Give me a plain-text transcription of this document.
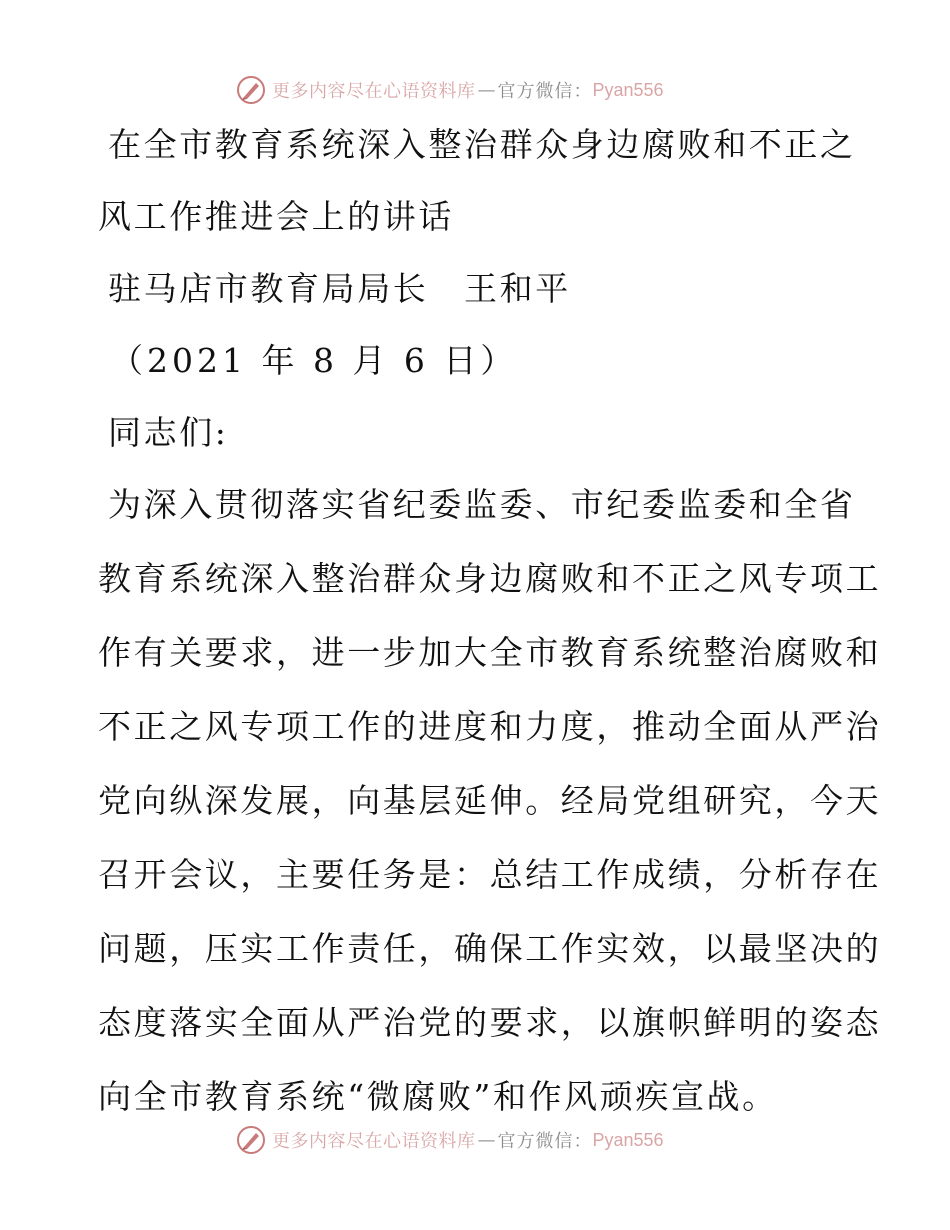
更多内容尽在心语资料库 — 官方微信： Pyan556
在全市教育系统深入整治群众身边腐败和不正之
风工作推进会上的讲话
驻马店市教育局局长　王和平
（2021 年 8 月 6 日）
同志们:
为深入贯彻落实省纪委监委、市纪委监委和全省
教育系统深入整治群众身边腐败和不正之风专项工
作有关要求，进一步加大全市教育系统整治腐败和
不正之风专项工作的进度和力度，推动全面从严治
党向纵深发展，向基层延伸。经局党组研究，今天
召开会议，主要任务是：总结工作成绩，分析存在
问题，压实工作责任，确保工作实效，以最坚决的
态度落实全面从严治党的要求，以旗帜鲜明的姿态
向全市教育系统“微腐败”和作风顽疾宣战。
更多内容尽在心语资料库 — 官方微信： Pyan556
